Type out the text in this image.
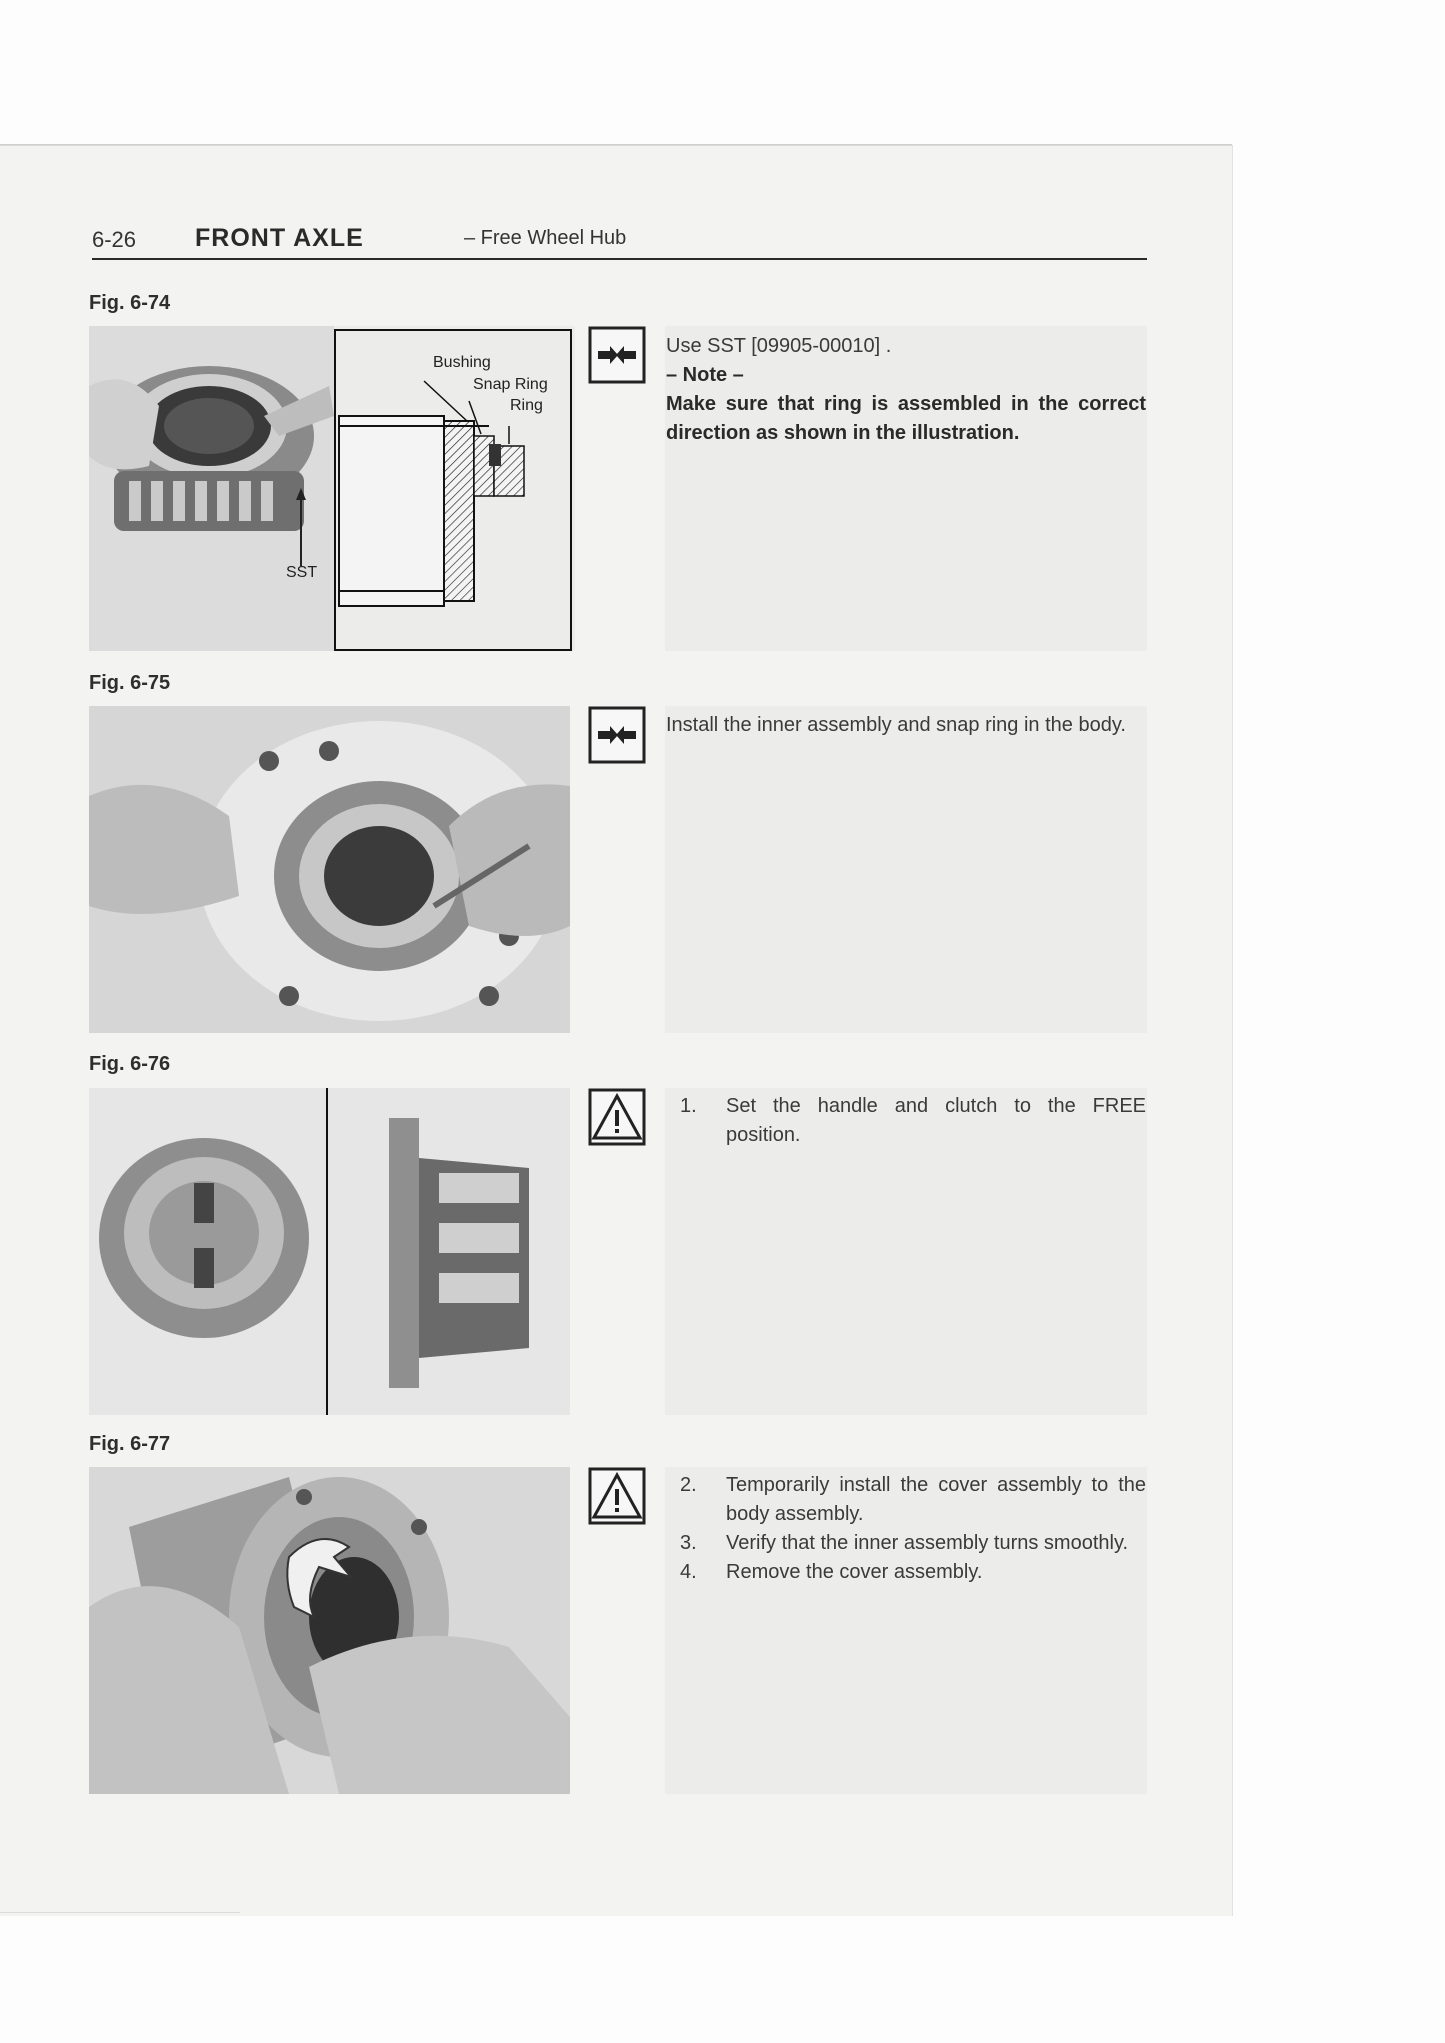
6-26 FRONT AXLE	– Free Wheel Hub
Fig. 6-74
Bushing
Snap Ring
Ring
SST
Use SST [09905-00010] .
– Note –
Make sure that ring is assembled in the correct direction as shown in the illustration.
Fig. 6-75
Install the inner assembly and snap ring in the body.
Fig. 6-76
1.	Set the handle and clutch to the FREE position.
Fig. 6-77
2.	Temporarily install the cover assembly to the body assembly.
3.	Verify that the inner assembly turns smoothly.
4.	Remove the cover assembly.
